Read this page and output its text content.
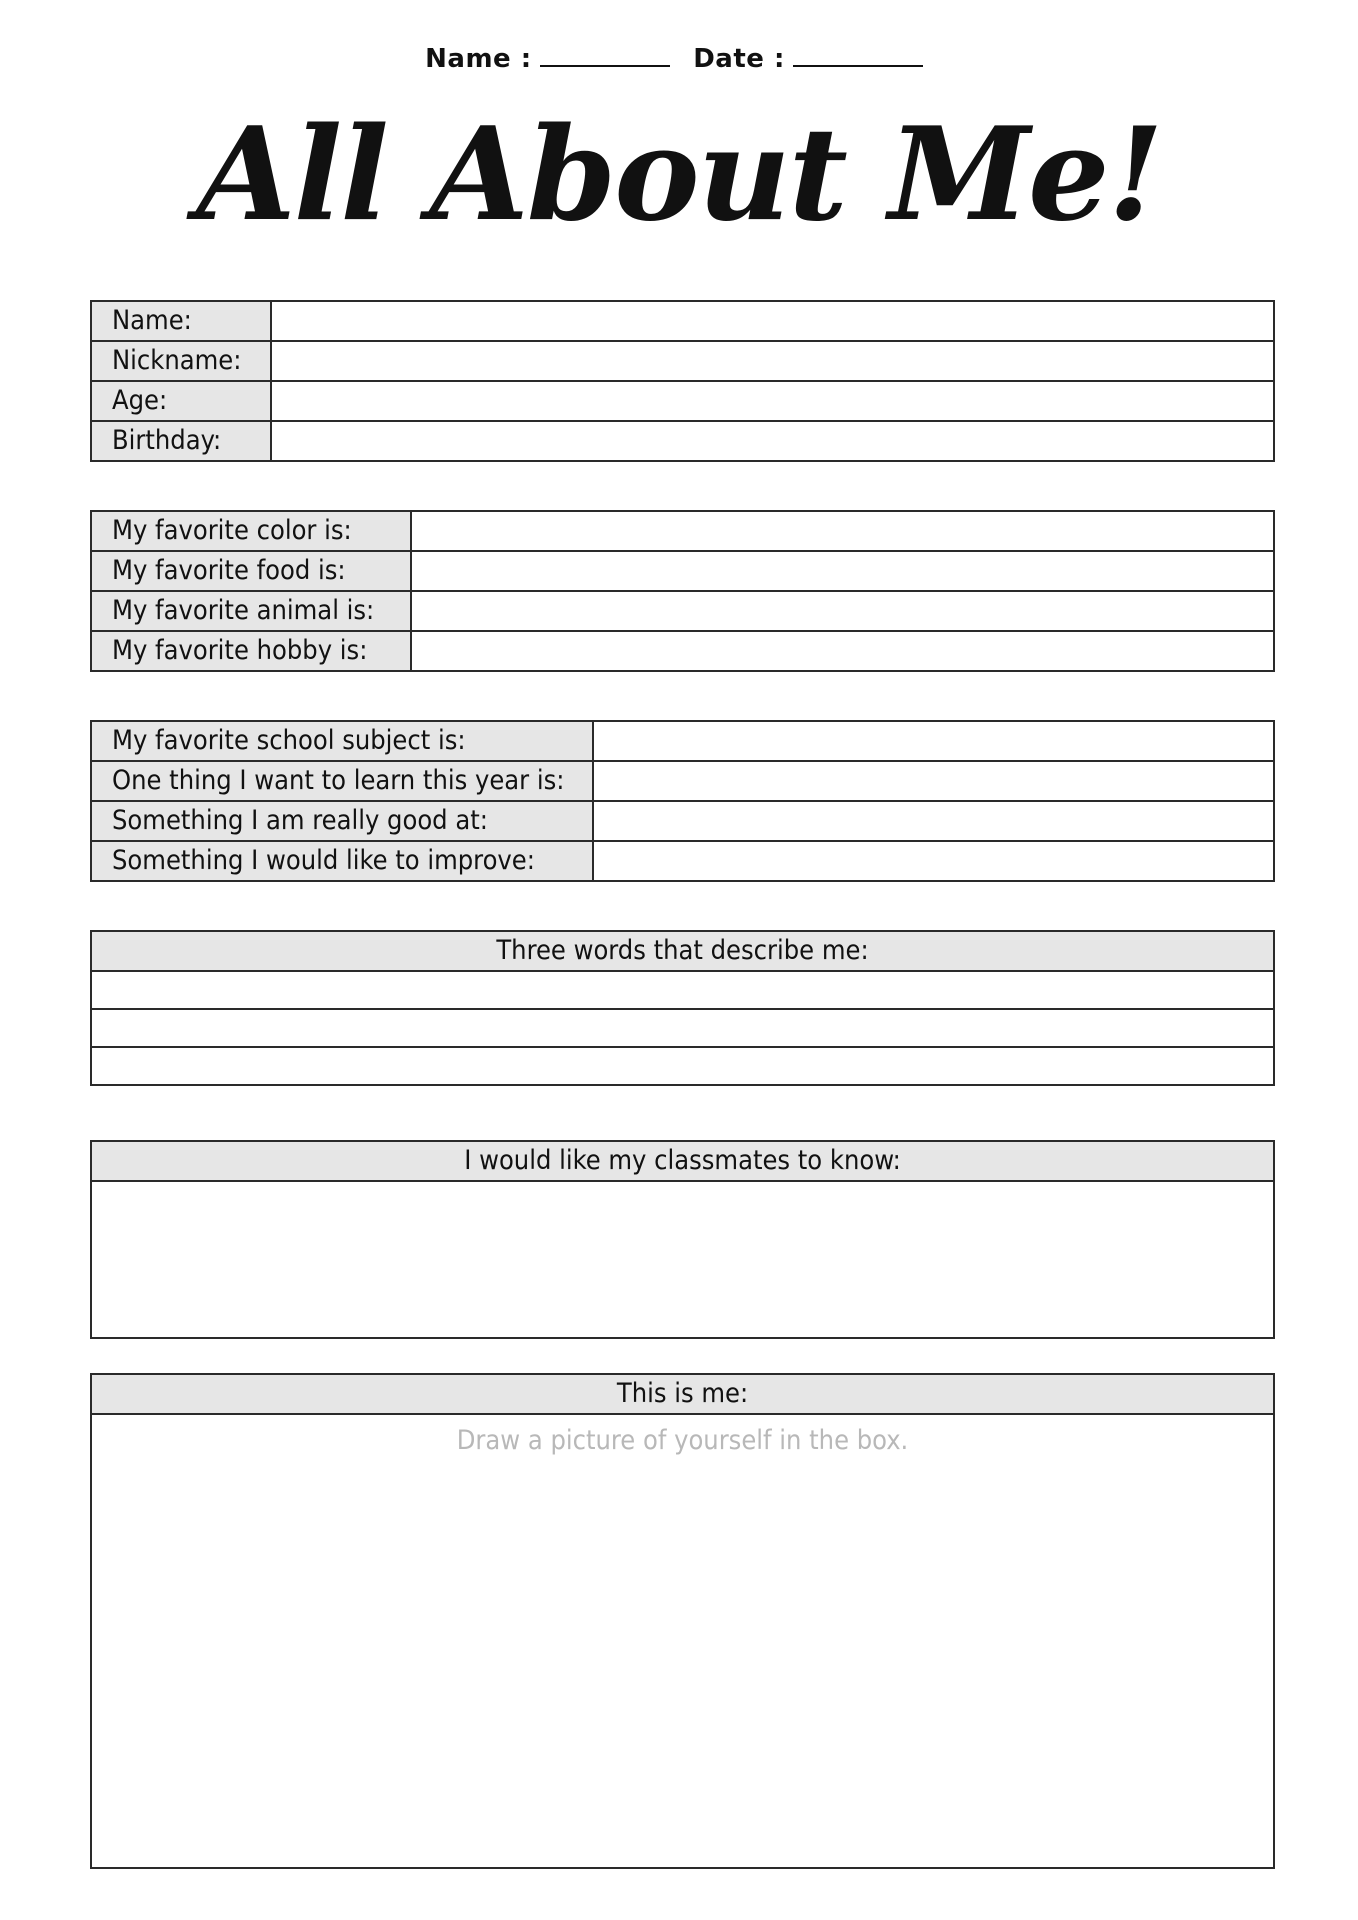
Name :	Date :
All About Me!
Name:	
Nickname:	
Age:	
Birthday:	
My favorite color is:	
My favorite food is:	
My favorite animal is:	
My favorite hobby is:	
My favorite school subject is:	
One thing I want to learn this year is:	
Something I am really good at:	
Something I would like to improve:	
Three words that describe me:

I would like my classmates to know:

This is me:
Draw a picture of yourself in the box.
